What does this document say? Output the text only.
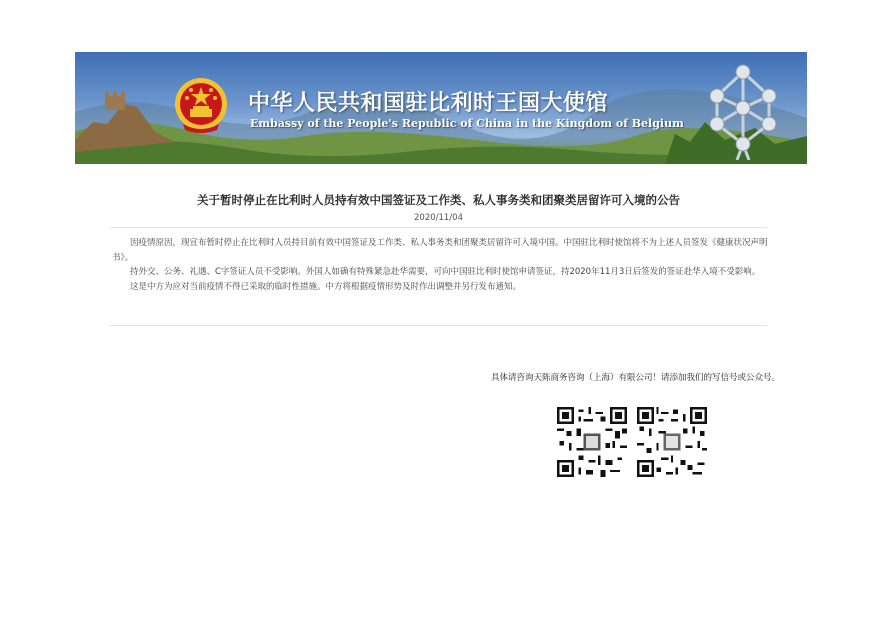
中华人民共和国驻比利时王国大使馆

Embassy of the People's Republic of China in the Kingdom of Belgium

关于暂时停止在比利时人员持有效中国签证及工作类、私人事务类和团聚类居留许可入境的公告

2020/11/04

因疫情原因，现宣布暂时停止在比利时人员持目前有效中国签证及工作类、私人事务类和团聚类居留许可入境中国。中国驻比利时使馆将不为上述人员签发《健康状况声明书》。

持外交、公务、礼遇、C字签证人员不受影响。外国人如确有特殊紧急赴华需要，可向中国驻比利时使馆申请签证，持2020年11月3日后签发的签证赴华入境不受影响。

这是中方为应对当前疫情不得已采取的临时性措施。中方将根据疫情形势及时作出调整并另行发布通知。

具体请咨询天陈商务咨询（上海）有限公司！请添加我们的写信号或公众号。
